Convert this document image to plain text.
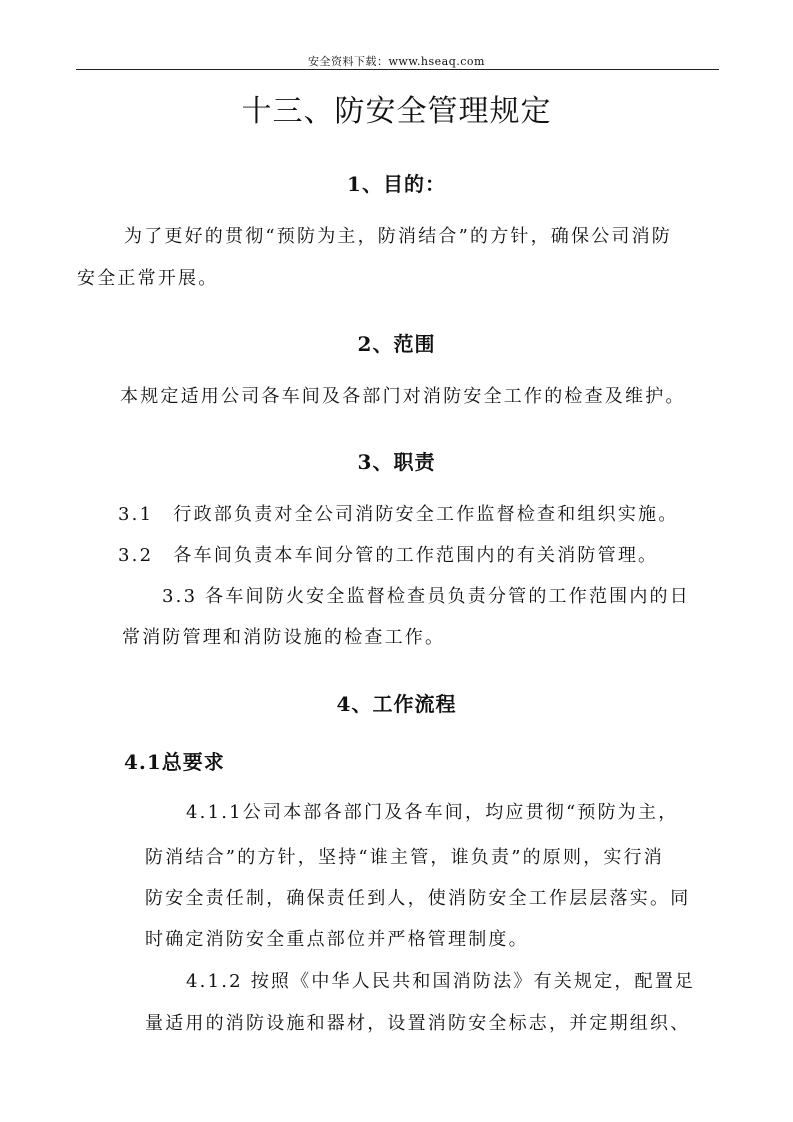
安全资料下载：www.hseaq.com
十三、防安全管理规定
1、目的：
为了更好的贯彻“预防为主，防消结合”的方针，确保公司消防
安全正常开展。
2、范围
本规定适用公司各车间及各部门对消防安全工作的检查及维护。
3、职责
3.1　行政部负责对全公司消防安全工作监督检查和组织实施。
3.2　各车间负责本车间分管的工作范围内的有关消防管理。
3.3 各车间防火安全监督检查员负责分管的工作范围内的日
常消防管理和消防设施的检查工作。
4、工作流程
4.1总要求
4.1.1公司本部各部门及各车间，均应贯彻“预防为主，
防消结合”的方针，坚持“谁主管，谁负责”的原则，实行消
防安全责任制，确保责任到人，使消防安全工作层层落实。同
时确定消防安全重点部位并严格管理制度。
4.1.2 按照《中华人民共和国消防法》有关规定，配置足
量适用的消防设施和器材，设置消防安全标志，并定期组织、
